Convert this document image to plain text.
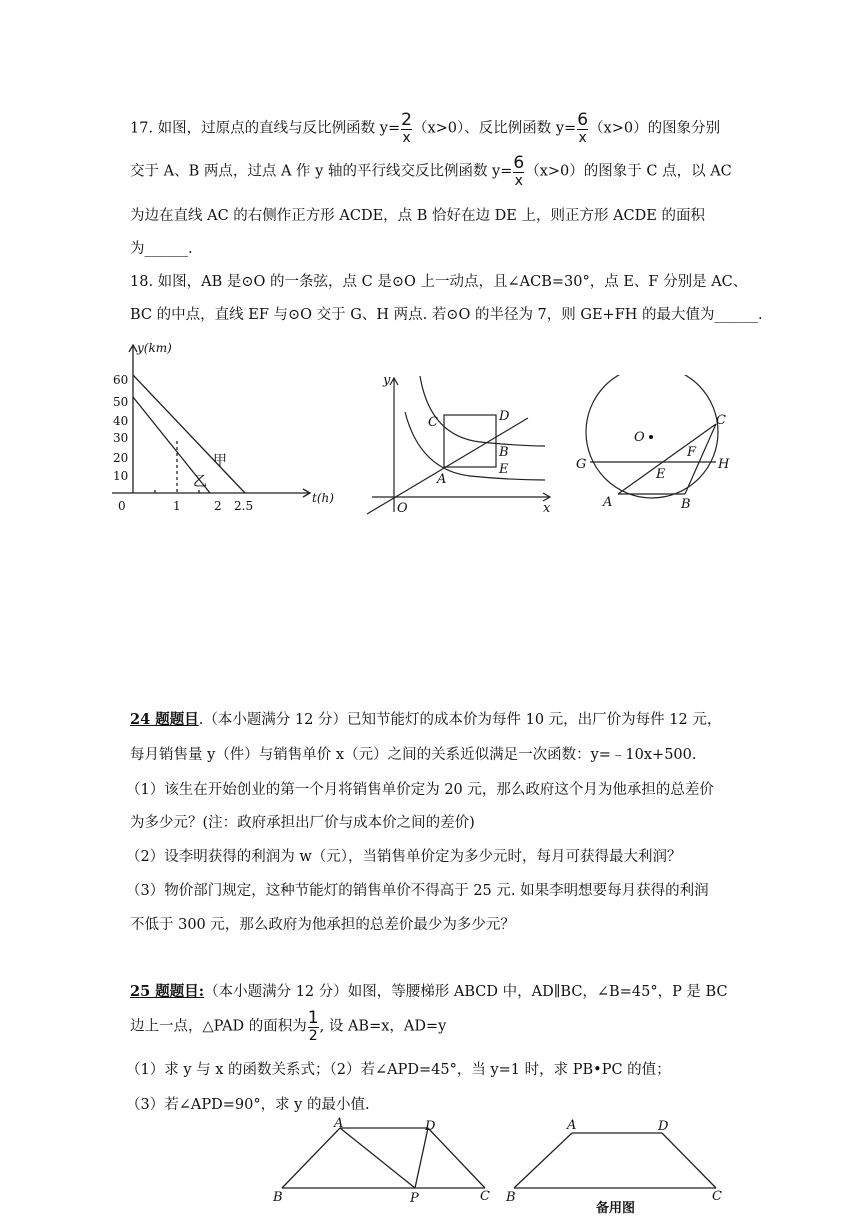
17. 如图，过原点的直线与反比例函数 $y= \frac{2}{x} (x>0)$、反比例函数 $y= \frac{6}{x} (x>0)$的图象分别
交于 A、B 两点，过点 A 作 y 轴的平行线交反比例函数 $y= \frac{6}{x} (x>0)$的图象于 C 点，以 AC
为边在直线 AC 的右侧作正方形 ACDE，点 B 恰好在边 DE 上，则正方形 ACDE 的面积
为______.
18. 如图，AB 是⊙O 的一条弦，点 C 是⊙O 上一动点，且∠ACB=30°，点 E、F 分别是 AC、
BC 的中点，直线 EF 与⊙O 交于 G、H 两点. 若⊙O 的半径为 7，则 GE+FH 的最大值为______.
y(km)
t(h)
60
50
40
30
20
10
0	1	2 2.5
甲
乙
y
x
O
A
B
C	D
E
O
A	B
C
E
F
G	H
24 题题目.（本小题满分 12 分）已知节能灯的成本价为每件 10 元，出厂价为每件 12 元，
每月销售量 y（件）与销售单价 x（元）之间的关系近似满足一次函数：y=﹣10x+500.
（1）该生在开始创业的第一个月将销售单价定为 20 元，那么政府这个月为他承担的总差价
为多少元？(注：政府承担出厂价与成本价之间的差价)
（2）设李明获得的利润为 w（元），当销售单价定为多少元时，每月可获得最大利润？
（3）物价部门规定，这种节能灯的销售单价不得高于 25 元. 如果李明想要每月获得的利润
不低于 300 元，那么政府为他承担的总差价最少为多少元？
25 题题目:（本小题满分 12 分）如图，等腰梯形 ABCD 中，AD∥BC，∠B=45°，P 是 BC
边上一点，△PAD 的面积为 $\frac{1}{2}$ , 设 AB=x，AD=y
（1）求 y 与 x 的函数关系式；（2）若∠APD=45°，当 y=1 时，求 PB•PC 的值；
（3）若∠APD=90°，求 y 的最小值.
A	D
B	P	C
A	D
B	C
备用图
